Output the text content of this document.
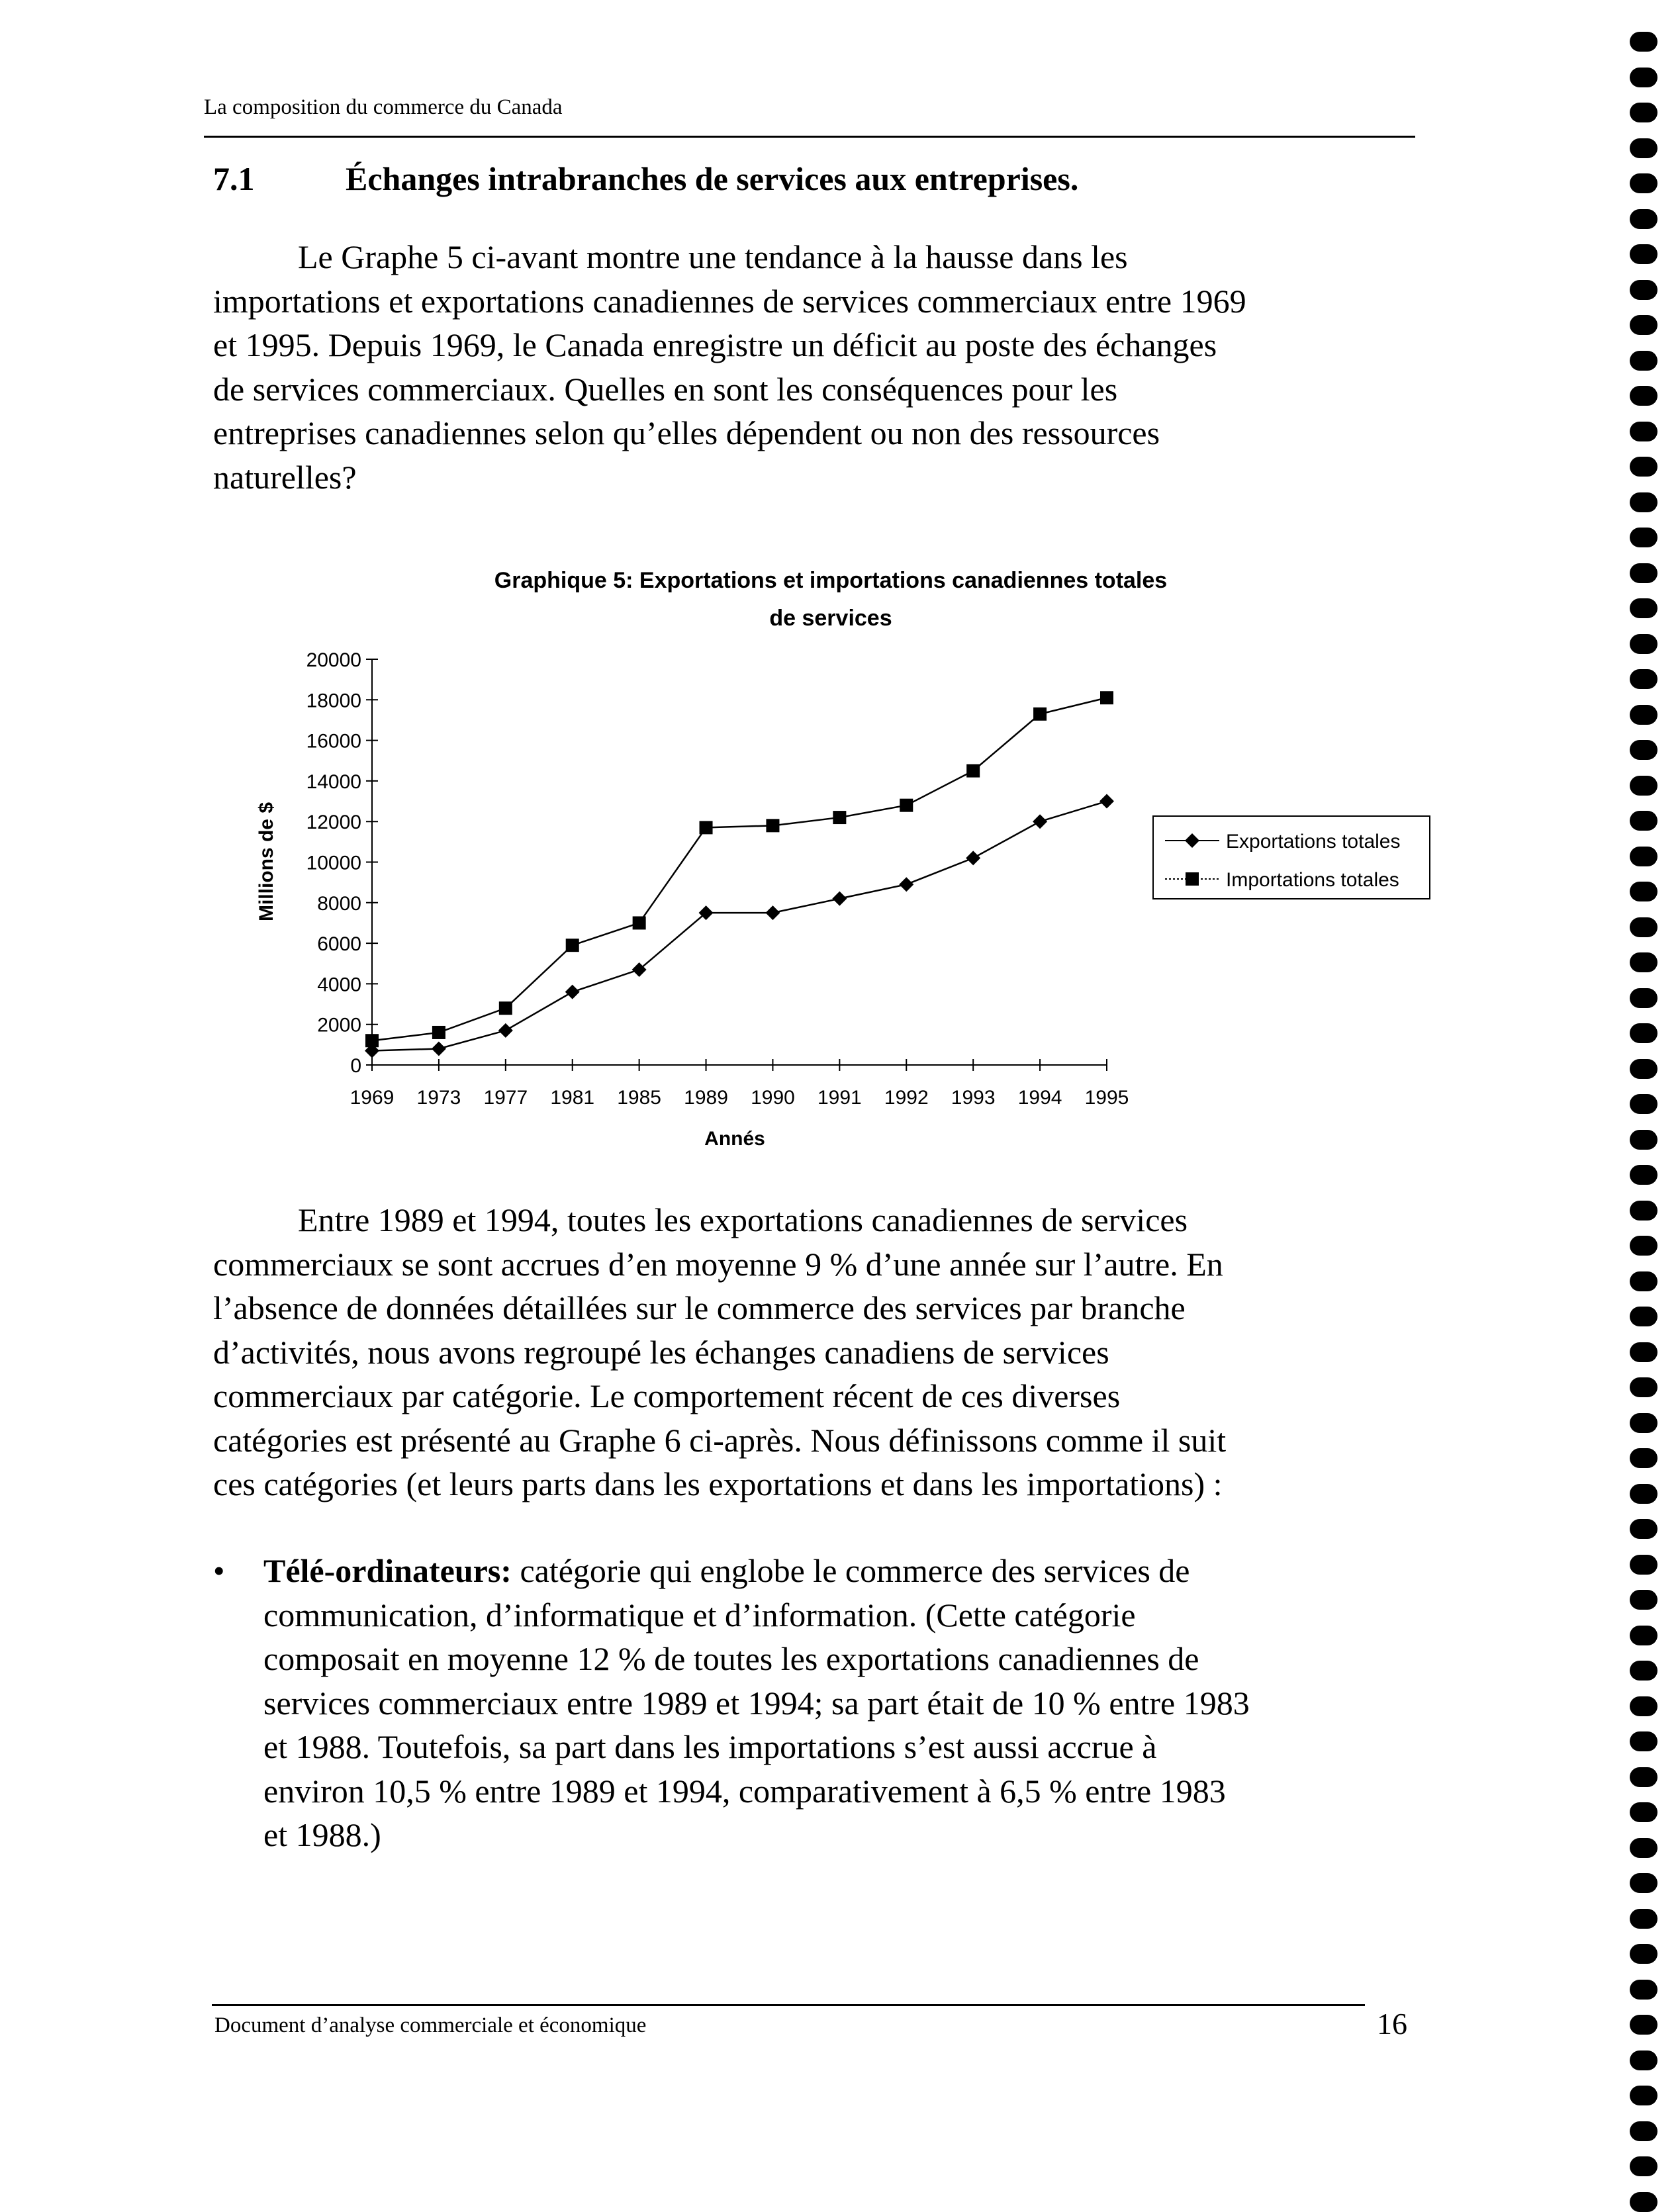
La composition du commerce du Canada
7.1	Échanges intrabranches de services aux entreprises.
Le Graphe 5 ci-avant montre une tendance à la hausse dans les
importations et exportations canadiennes de services commerciaux entre 1969
et 1995. Depuis 1969, le Canada enregistre un déficit au poste des échanges
de services commerciaux. Quelles en sont les conséquences pour les
entreprises canadiennes selon qu’elles dépendent ou non des ressources
naturelles?
Graphique 5: Exportations et importations canadiennes totales
de services
Millions de $
Annés
0
2000
4000
6000
8000
10000
12000
14000
16000
18000
20000
1969 1973 1977 1981 1985 1989 1990 1991 1992 1993 1994 1995
Exportations totales
Importations totales
Entre 1989 et 1994, toutes les exportations canadiennes de services
commerciaux se sont accrues d’en moyenne 9 % d’une année sur l’autre. En
l’absence de données détaillées sur le commerce des services par branche
d’activités, nous avons regroupé les échanges canadiens de services
commerciaux par catégorie. Le comportement récent de ces diverses
catégories est présenté au Graphe 6 ci-après. Nous définissons comme il suit
ces catégories (et leurs parts dans les exportations et dans les importations) :
• Télé-ordinateurs: catégorie qui englobe le commerce des services de
communication, d’informatique et d’information. (Cette catégorie
composait en moyenne 12 % de toutes les exportations canadiennes de
services commerciaux entre 1989 et 1994; sa part était de 10 % entre 1983
et 1988. Toutefois, sa part dans les importations s’est aussi accrue à
environ 10,5 % entre 1989 et 1994, comparativement à 6,5 % entre 1983
et 1988.)
Document d’analyse commerciale et économique	16
